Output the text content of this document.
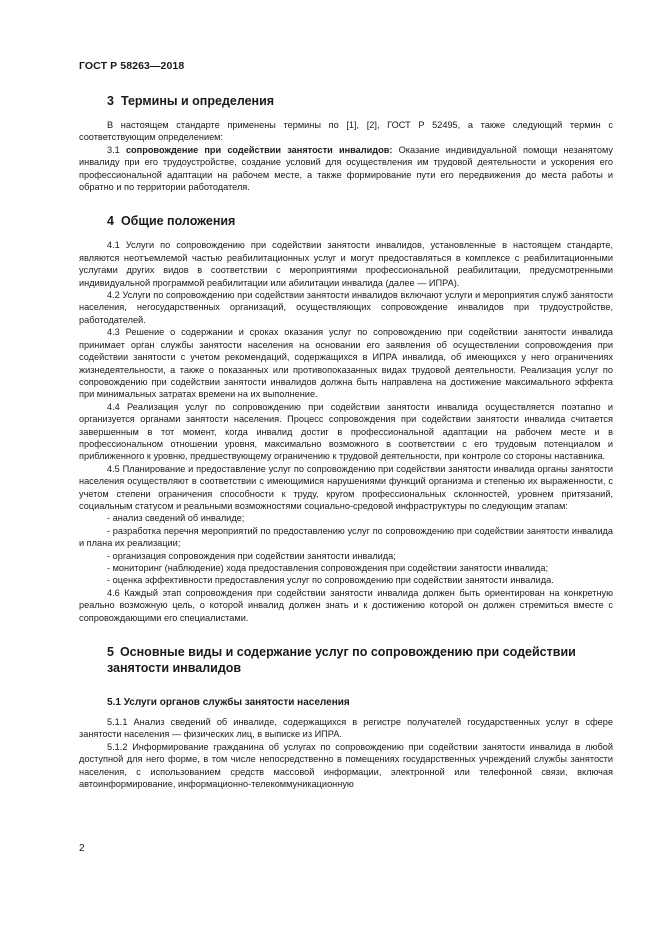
ГОСТ Р 58263—2018
3 Термины и определения

В настоящем стандарте применены термины по [1], [2], ГОСТ Р 52495, а также следующий термин с соответствующим определением:

3.1 сопровождение при содействии занятости инвалидов: Оказание индивидуальной помощи незанятому инвалиду при его трудоустройстве, создание условий для осуществления им трудовой деятельности и ускорения его профессиональной адаптации на рабочем месте, а также формирование пути его передвижения до места работы и обратно и по территории работодателя.

4 Общие положения

4.1 Услуги по сопровождению при содействии занятости инвалидов, установленные в настоящем стандарте, являются неотъемлемой частью реабилитационных услуг и могут предоставляться в комплексе с реабилитационными услугами других видов в соответствии с мероприятиями профессиональной реабилитации, предусмотренными индивидуальной программой реабилитации или абилитации инвалида (далее — ИПРА).

4.2 Услуги по сопровождению при содействии занятости инвалидов включают услуги и мероприятия служб занятости населения, негосударственных организаций, осуществляющих сопровождение инвалидов при трудоустройстве, работодателей.

4.3 Решение о содержании и сроках оказания услуг по сопровождению при содействии занятости инвалида принимает орган службы занятости населения на основании его заявления об осуществлении сопровождения при содействии занятости с учетом рекомендаций, содержащихся в ИПРА инвалида, об имеющихся у него ограничениях жизнедеятельности, а также о показанных или противопоказанных видах трудовой деятельности. Реализация услуг по сопровождению при содействии занятости инвалидов должна быть направлена на достижение максимального эффекта при минимальных затратах времени на их выполнение.

4.4 Реализация услуг по сопровождению при содействии занятости инвалида осуществляется поэтапно и организуется органами занятости населения. Процесс сопровождения при содействии занятости инвалида считается завершенным в тот момент, когда инвалид достиг в профессиональной адаптации на рабочем месте и в профессиональном отношении уровня, максимально возможного в соответствии с его трудовым потенциалом и приближенного к уровню, предшествующему ограничению к трудовой деятельности, при контроле со стороны наставника.

4.5 Планирование и предоставление услуг по сопровождению при содействии занятости инвалида органы занятости населения осуществляют в соответствии с имеющимися нарушениями функций организма и степенью их выраженности, с учетом степени ограничения способности к труду, кругом профессиональных склонностей, уровнем притязаний, социальным статусом и реальными возможностями социально-средовой инфраструктуры по следующим этапам:

- анализ сведений об инвалиде;

- разработка перечня мероприятий по предоставлению услуг по сопровождению при содействии занятости инвалида и плана их реализации;

- организация сопровождения при содействии занятости инвалида;

- мониторинг (наблюдение) хода предоставления сопровождения при содействии занятости инвалида;

- оценка эффективности предоставления услуг по сопровождению при содействии занятости инвалида.

4.6 Каждый этап сопровождения при содействии занятости инвалида должен быть ориентирован на конкретную реально возможную цель, о которой инвалид должен знать и к достижению которой он должен стремиться вместе с сопровождающими его специалистами.

5 Основные виды и содержание услуг по сопровождению при содействии занятости инвалидов
5.1 Услуги органов службы занятости населения

5.1.1 Анализ сведений об инвалиде, содержащихся в регистре получателей государственных услуг в сфере занятости населения — физических лиц, в выписке из ИПРА.

5.1.2 Информирование гражданина об услугах по сопровождению при содействии занятости инвалида в любой доступной для него форме, в том числе непосредственно в помещениях государственных учреждений службы занятости населения, с использованием средств массовой информации, электронной или телефонной связи, включая автоинформирование, информационно-телекоммуникационную

2
